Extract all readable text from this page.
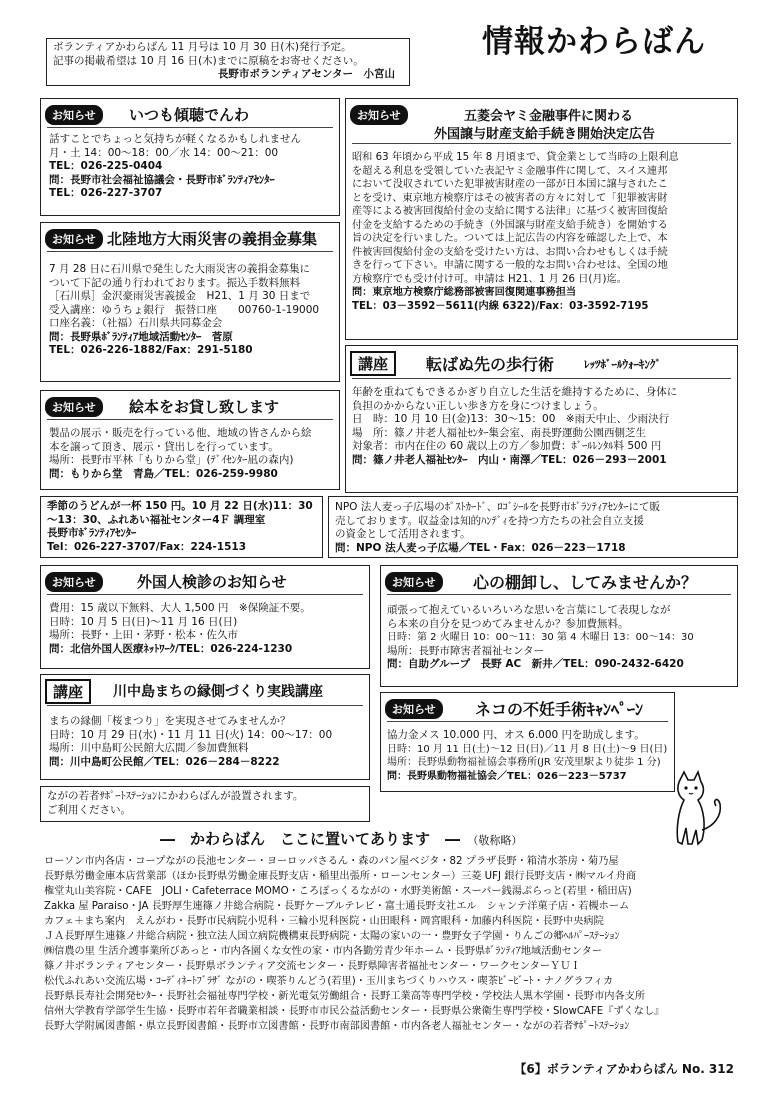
情報かわらばん
ボランティアかわらばん 11 月号は 10 月 30 日(木)発行予定。
記事の掲載希望は 10 月 16 日(木)までに原稿をお寄せください。
長野市ボランティアセンター　小宮山
お知らせ	いつも傾聴でんわ
話すことでちょっと気持ちが軽くなるかもしれません
月・土 14：00～18：00／水 14：00～21：00
TEL：026-225-0404
問：長野市社会福祉協議会・長野市ﾎﾞﾗﾝﾃｨｱｾﾝﾀｰ
TEL：026-227-3707
お知らせ 北陸地方大雨災害の義捐金募集
7 月 28 日に石川県で発生した大雨災害の義捐金募集に
ついて下記の通り行われております。振込手数料無料
［石川県］金沢豪雨災害義援金　H21、1 月 30 日まで
受入講座：ゆうちょ銀行　振替口座　　00760-1-19000
口座名義：（社福）石川県共同募金会
問：長野県ﾎﾞﾗﾝﾃｨｱ地域活動ｾﾝﾀｰ　菅原
TEL：026-226-1882/Fax：291-5180
お知らせ	絵本をお貸し致します
製品の展示・販売を行っている他、地域の皆さんから絵
本を譲って頂き、展示・貸出しを行っています。
場所：長野市平林「もりから堂」(ﾃﾞｲｾﾝﾀｰ凪の森内)
問：もりから堂　青島／TEL：026-259-9980
季節のうどんが一杯 150 円。10 月 22 日(水)11：30
～13：30、ふれあい福祉センター4Ｆ 調理室
長野市ﾎﾞﾗﾝﾃｨｱｾﾝﾀｰ
Tel：026-227-3707/Fax：224-1513
お知らせ	五菱会ヤミ金融事件に関わる
外国譲与財産支給手続き開始決定広告
昭和 63 年頃から平成 15 年 8 月頃まで、貸金業として当時の上限利息
を超える利息を受領していた表記ヤミ金融事件に関して、スイス連邦
において没収されていた犯罪被害財産の一部が日本国に譲与されたこ
とを受け、東京地方検察庁はその被害者の方々に対して「犯罪被害財
産等による被害回復給付金の支給に関する法律」に基づく被害回復給
付金を支給するための手続き（外国譲与財産支給手続き）を開始する
旨の決定を行いました。ついては上記広告の内容を確認した上で、本
件被害回復給付金の支給を受けたい方は、お問い合わせもしくは手続
きを行って下さい。申請に関する一般的なお問い合わせは、全国の地
方検察庁でも受け付け可。申請は H21、1 月 26 日(月)迄。
問：東京地方検察庁総務部被害回復関連事務担当
TEL：03－3592－5611(内線 6322)/Fax：03-3592-7195
講座	転ばぬ先の歩行術	ﾚｯﾂﾎﾞｰﾙｳｫｰｷﾝｸﾞ
年齢を重ねてもできるかぎり自立した生活を維持するために、身体に
負担のかからない正しい歩き方を身につけましょう。
日　時：10 月 10 日(金)13：30～15：00　※雨天中止、少雨決行
場　所：篠ノ井老人福祉ｾﾝﾀｰ集会室、南長野運動公園西側芝生
対象者：市内在住の 60 歳以上の方／参加費：ﾎﾞｰﾙﾚﾝﾀﾙ料 500 円
問：篠ノ井老人福祉ｾﾝﾀｰ　内山・南澤／TEL：026－293－2001
NPO 法人麦っ子広場のﾎﾟｽﾄｶｰﾄﾞ、ﾛｺﾞｼｰﾙを長野市ﾎﾞﾗﾝﾃｨｱｾﾝﾀｰにて販
売しております。収益金は知的ﾊﾝﾃﾞｨを持つ方たちの社会自立支援
の資金として活用されます。
問：NPO 法人麦っ子広場／TEL・Fax：026－223－1718
お知らせ	外国人検診のお知らせ
費用：15 歳以下無料、大人 1,500 円　※保険証不要。
日時：10 月 5 日(日)～11 月 16 日(日)
場所：長野・上田・茅野・松本・佐久市
問：北信外国人医療ﾈｯﾄﾜｰｸ/TEL：026-224-1230
講座	川中島まちの縁側づくり実践講座
まちの縁側「桜まつり」を実現させてみませんか？
日時：10 月 29 日(水)・11 月 11 日(火) 14：00～17：00
場所：川中島町公民館大広間／参加費無料
問：川中島町公民館／TEL：026－284－8222
お知らせ	心の棚卸し、してみませんか？
頑張って抱えているいろいろな思いを言葉にして表現しなが
ら本来の自分を見つめてみませんか？参加費無料。
日時：第 2 火曜日 10：00～11：30 第 4 木曜日 13：00～14：30
場所：長野市障害者福祉センター
問：自助グループ　長野 AC　新井／TEL：090-2432-6420
お知らせ	ネコの不妊手術ｷｬﾝﾍﾟｰﾝ
協力金メス 10.000 円、オス 6.000 円を助成します。
日時：10 月 11 日(土)～12 日(日)／11 月 8 日(土)～9 日(日)
場所：長野県動物福祉協会事務所(JR 安茂里駅より徒歩 1 分)
問：長野県動物福祉協会／TEL：026－223－5737
ながの若者ｻﾎﾟｰﾄｽﾃｰｼｮﾝにかわらばんが設置されます。
ご利用ください。
―　かわらばん　ここに置いてあります　― （敬称略）
ローソン市内各店・コープながの長池センター・ヨーロッパさるん・森のパン屋ベジタ・82 プラザ長野・箱清水茶房・菊乃屋
長野県労働金庫本店営業部（ほか長野県労働金庫長野支店・稲里出張所・ローンセンター）三菱 UFJ 銀行長野支店・㈱マルイ舟商
権堂丸山美容院・CAFE　JOLI・Cafeterrace MOMO・ころぽっくるながの・水野美術館・スーパー銭湯ぷらっと(若里・稲田店)
Zakka 屋 Paraiso・JA 長野厚生連篠ノ井総合病院・長野ケーブルテレビ・富士通長野支社エル　シャンテ洋菓子店・若槻ホーム
カフェ＋まち案内　えんがわ・長野市民病院小児科・三輪小児科医院・山田眼科・岡宮眼科・加藤内科医院・長野中央病院
ＪＡ長野厚生連篠ノ井総合病院・独立法人国立病院機構東長野病院・太陽の家いの一・豊野女子学園・りんごの郷ﾍﾙﾊﾟｰｽﾃｰｼｮﾝ
㈱信農の里 生活介護事業所びあっと・市内各園くな女性の家・市内各勤労青少年ホーム・長野県ﾎﾞﾗﾝﾃｨｱ地域活動センター
篠ノ井ボランティアセンター・長野県ボランティア交流センター・長野県障害者福祉センター・ワークセンターＹＵＩ
松代ふれあい交流広場・ｺｰﾃﾞｨﾈｰﾄﾌﾞﾗｻﾞ ながの・喫茶りんどう(若里)・玉川まちづくりハウス・喫茶ﾋﾞｰﾋﾞｰﾄ・ナノグラフィカ
長野県長寿社会開発ｾﾝﾀｰ・長野社会福祉専門学校・新光電気労働組合・長野工業高等専門学校・学校法人黒木学園・長野市内各支所
信州大学教育学部学生生協・長野市若年者職業相談・長野市市民公益活動センター・長野県公衆衛生専門学校・SlowCAFE『ずくなし』
長野大学附属図書館・県立長野図書館・長野市立図書館・長野市南部図書館・市内各老人福祉センター・ながの若者ｻﾎﾟｰﾄｽﾃｰｼｮﾝ
【6】ボランティアかわらばん No. 312
